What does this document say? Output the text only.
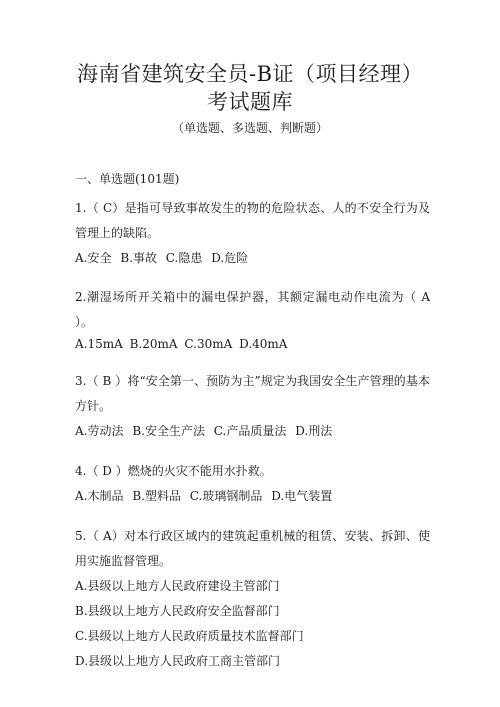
海南省建筑安全员-B证（项目经理）考试题库
（单选题、多选题、判断题）
一、单选题(101题)
1.（ C）是指可导致事故发生的物的危险状态、人的不安全行为及管理上的缺陷。
A.安全 B.事故 C.隐患 D.危险
2.潮湿场所开关箱中的漏电保护器，其额定漏电动作电流为（ A ）。
A.15mA B.20mA C.30mA D.40mA
3.（ B ）将“安全第一、预防为主”规定为我国安全生产管理的基本方针。
A.劳动法 B.安全生产法 C.产品质量法 D.刑法
4.（ D ）燃烧的火灾不能用水扑救。
A.木制品 B.塑料品 C.玻璃钢制品 D.电气装置
5.（ A）对本行政区域内的建筑起重机械的租赁、安装、拆卸、使用实施监督管理。
A.县级以上地方人民政府建设主管部门
B.县级以上地方人民政府安全监督部门
C.县级以上地方人民政府质量技术监督部门
D.县级以上地方人民政府工商主管部门
